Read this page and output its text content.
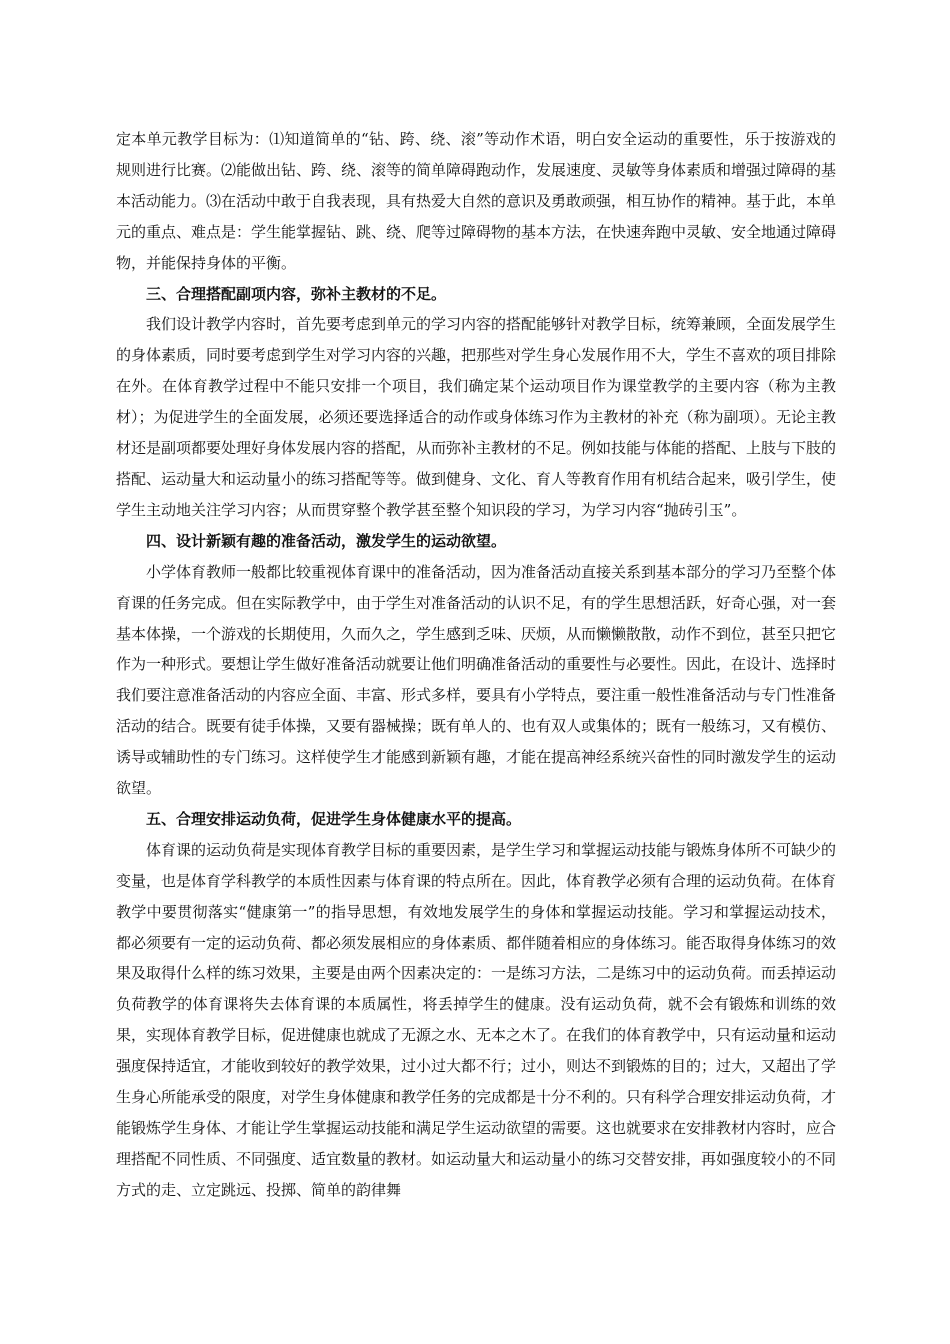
定本单元教学目标为：⑴知道简单的“钻、跨、绕、滚”等动作术语，明白安全运动的重要性，乐于按游戏的规则进行比赛。⑵能做出钻、跨、绕、滚等的简单障碍跑动作，发展速度、灵敏等身体素质和增强过障碍的基本活动能力。⑶在活动中敢于自我表现，具有热爱大自然的意识及勇敢顽强，相互协作的精神。基于此，本单元的重点、难点是：学生能掌握钻、跳、绕、爬等过障碍物的基本方法，在快速奔跑中灵敏、安全地通过障碍物，并能保持身体的平衡。

三、合理搭配副项内容，弥补主教材的不足。

我们设计教学内容时，首先要考虑到单元的学习内容的搭配能够针对教学目标，统筹兼顾，全面发展学生的身体素质，同时要考虑到学生对学习内容的兴趣，把那些对学生身心发展作用不大，学生不喜欢的项目排除在外。在体育教学过程中不能只安排一个项目，我们确定某个运动项目作为课堂教学的主要内容（称为主教材）；为促进学生的全面发展，必须还要选择适合的动作或身体练习作为主教材的补充（称为副项）。无论主教材还是副项都要处理好身体发展内容的搭配，从而弥补主教材的不足。例如技能与体能的搭配、上肢与下肢的搭配、运动量大和运动量小的练习搭配等等。做到健身、文化、育人等教育作用有机结合起来，吸引学生，使学生主动地关注学习内容；从而贯穿整个教学甚至整个知识段的学习，为学习内容“抛砖引玉”。

四、设计新颖有趣的准备活动，激发学生的运动欲望。

小学体育教师一般都比较重视体育课中的准备活动，因为准备活动直接关系到基本部分的学习乃至整个体育课的任务完成。但在实际教学中，由于学生对准备活动的认识不足，有的学生思想活跃，好奇心强，对一套基本体操，一个游戏的长期使用，久而久之，学生感到乏味、厌烦，从而懒懒散散，动作不到位，甚至只把它作为一种形式。要想让学生做好准备活动就要让他们明确准备活动的重要性与必要性。因此，在设计、选择时我们要注意准备活动的内容应全面、丰富、形式多样，要具有小学特点，要注重一般性准备活动与专门性准备活动的结合。既要有徒手体操，又要有器械操；既有单人的、也有双人或集体的；既有一般练习，又有模仿、诱导或辅助性的专门练习。这样使学生才能感到新颖有趣，才能在提高神经系统兴奋性的同时激发学生的运动欲望。

五、合理安排运动负荷，促进学生身体健康水平的提高。

体育课的运动负荷是实现体育教学目标的重要因素，是学生学习和掌握运动技能与锻炼身体所不可缺少的变量，也是体育学科教学的本质性因素与体育课的特点所在。因此，体育教学必须有合理的运动负荷。在体育教学中要贯彻落实“健康第一”的指导思想，有效地发展学生的身体和掌握运动技能。学习和掌握运动技术，都必须要有一定的运动负荷、都必须发展相应的身体素质、都伴随着相应的身体练习。能否取得身体练习的效果及取得什么样的练习效果，主要是由两个因素决定的：一是练习方法，二是练习中的运动负荷。而丢掉运动负荷教学的体育课将失去体育课的本质属性，将丢掉学生的健康。没有运动负荷，就不会有锻炼和训练的效果，实现体育教学目标，促进健康也就成了无源之水、无本之木了。在我们的体育教学中，只有运动量和运动强度保持适宜，才能收到较好的教学效果，过小过大都不行；过小，则达不到锻炼的目的；过大，又超出了学生身心所能承受的限度，对学生身体健康和教学任务的完成都是十分不利的。只有科学合理安排运动负荷，才能锻炼学生身体、才能让学生掌握运动技能和满足学生运动欲望的需要。这也就要求在安排教材内容时，应合理搭配不同性质、不同强度、适宜数量的教材。如运动量大和运动量小的练习交替安排，再如强度较小的不同方式的走、立定跳远、投掷、简单的韵律舞
